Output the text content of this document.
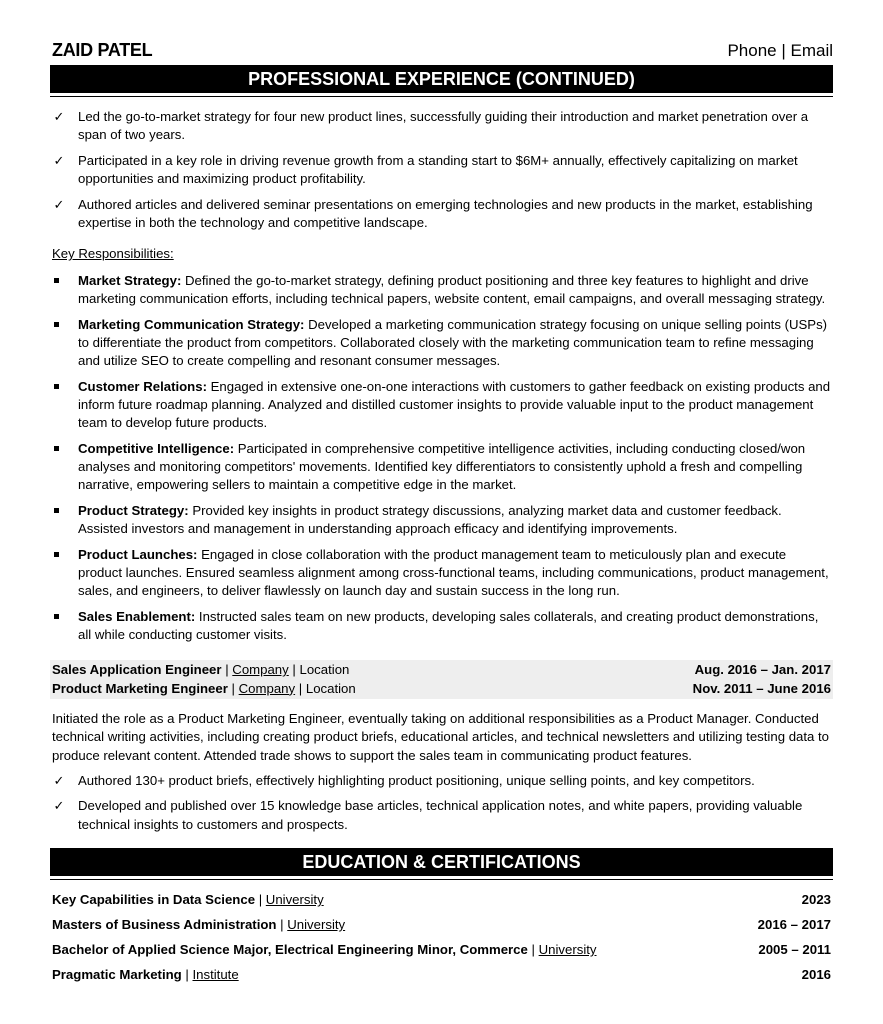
ZAID PATEL	Phone | Email
PROFESSIONAL EXPERIENCE (CONTINUED)
✓ Led the go-to-market strategy for four new product lines, successfully guiding their introduction and market penetration over a span of two years.
✓ Participated in a key role in driving revenue growth from a standing start to $6M+ annually, effectively capitalizing on market opportunities and maximizing product profitability.
✓ Authored articles and delivered seminar presentations on emerging technologies and new products in the market, establishing expertise in both the technology and competitive landscape.
Key Responsibilities:
Market Strategy: Defined the go-to-market strategy, defining product positioning and three key features to highlight and drive marketing communication efforts, including technical papers, website content, email campaigns, and overall messaging strategy.
Marketing Communication Strategy: Developed a marketing communication strategy focusing on unique selling points (USPs) to differentiate the product from competitors. Collaborated closely with the marketing communication team to refine messaging and utilize SEO to create compelling and resonant consumer messages.
Customer Relations: Engaged in extensive one-on-one interactions with customers to gather feedback on existing products and inform future roadmap planning. Analyzed and distilled customer insights to provide valuable input to the product management team to develop future products.
Competitive Intelligence: Participated in comprehensive competitive intelligence activities, including conducting closed/won analyses and monitoring competitors' movements. Identified key differentiators to consistently uphold a fresh and compelling narrative, empowering sellers to maintain a competitive edge in the market.
Product Strategy: Provided key insights in product strategy discussions, analyzing market data and customer feedback. Assisted investors and management in understanding approach efficacy and identifying improvements.
Product Launches: Engaged in close collaboration with the product management team to meticulously plan and execute product launches. Ensured seamless alignment among cross-functional teams, including communications, product management, sales, and engineers, to deliver flawlessly on launch day and sustain success in the long run.
Sales Enablement: Instructed sales team on new products, developing sales collaterals, and creating product demonstrations, all while conducting customer visits.
Sales Application Engineer | Company | Location	Aug. 2016 – Jan. 2017
Product Marketing Engineer | Company | Location	Nov. 2011 – June 2016
Initiated the role as a Product Marketing Engineer, eventually taking on additional responsibilities as a Product Manager. Conducted technical writing activities, including creating product briefs, educational articles, and technical newsletters and utilizing testing data to produce relevant content. Attended trade shows to support the sales team in communicating product features.
✓ Authored 130+ product briefs, effectively highlighting product positioning, unique selling points, and key competitors.
✓ Developed and published over 15 knowledge base articles, technical application notes, and white papers, providing valuable technical insights to customers and prospects.
EDUCATION & CERTIFICATIONS
Key Capabilities in Data Science | University	2023
Masters of Business Administration | University	2016 – 2017
Bachelor of Applied Science Major, Electrical Engineering Minor, Commerce | University	2005 – 2011
Pragmatic Marketing | Institute	2016
